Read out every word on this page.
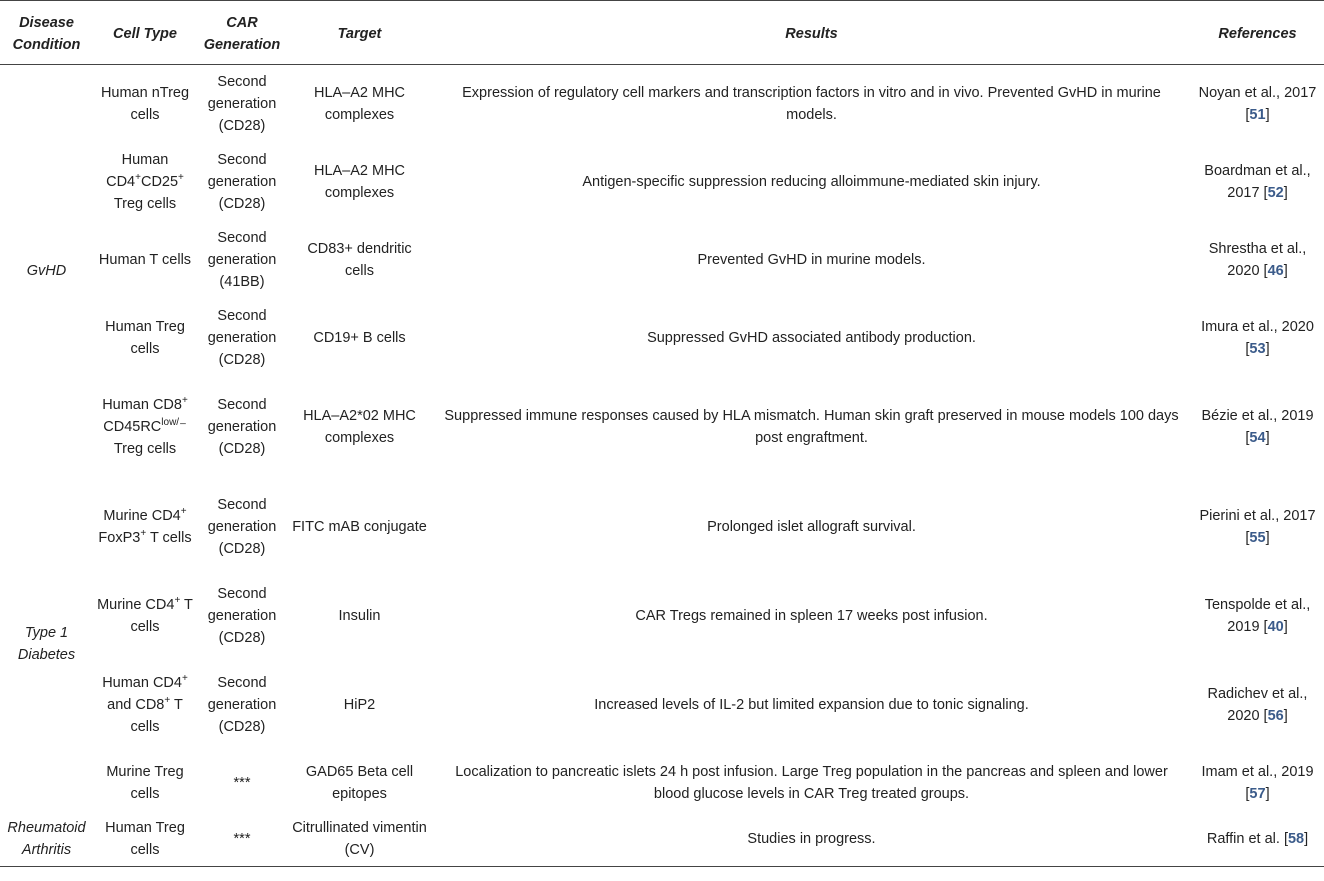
Disease Condition	Cell Type	CAR Generation	Target	Results	References
GvHD	Human nTreg cells	Second generation (CD28)	HLA–A2 MHC complexes	Expression of regulatory cell markers and transcription factors in vitro and in vivo. Prevented GvHD in murine models.	Noyan et al., 2017 [51]
	Human CD4+CD25+ Treg cells	Second generation (CD28)	HLA–A2 MHC complexes	Antigen-specific suppression reducing alloimmune-mediated skin injury.	Boardman et al., 2017 [52]
	Human T cells	Second generation (41BB)	CD83+ dendritic cells	Prevented GvHD in murine models.	Shrestha et al., 2020 [46]
	Human Treg cells	Second generation (CD28)	CD19+ B cells	Suppressed GvHD associated antibody production.	Imura et al., 2020 [53]
	Human CD8+ $CD45RC^{low/}^-$ Treg cells	Second generation (CD28)	HLA–A2*02 MHC complexes	Suppressed immune responses caused by HLA mismatch. Human skin graft preserved in mouse models 100 days post engraftment.	Bézie et al., 2019 [54]
Type 1 Diabetes	Murine CD4+ FoxP3+ T cells	Second generation (CD28)	FITC mAB conjugate	Prolonged islet allograft survival.	Pierini et al., 2017 [55]
	Murine CD4+ T cells	Second generation (CD28)	Insulin	CAR Tregs remained in spleen 17 weeks post infusion.	Tenspolde et al., 2019 [40]
	Human CD4+ and CD8+ T cells	Second generation (CD28)	HiP2	Increased levels of IL-2 but limited expansion due to tonic signaling.	Radichev et al., 2020 [56]
	Murine Treg cells	***	GAD65 Beta cell epitopes	Localization to pancreatic islets 24 h post infusion. Large Treg population in the pancreas and spleen and lower blood glucose levels in CAR Treg treated groups.	Imam et al., 2019 [57]
Rheumatoid Arthritis	Human Treg cells	***	Citrullinated vimentin (CV)	Studies in progress.	Raffin et al. [58]
